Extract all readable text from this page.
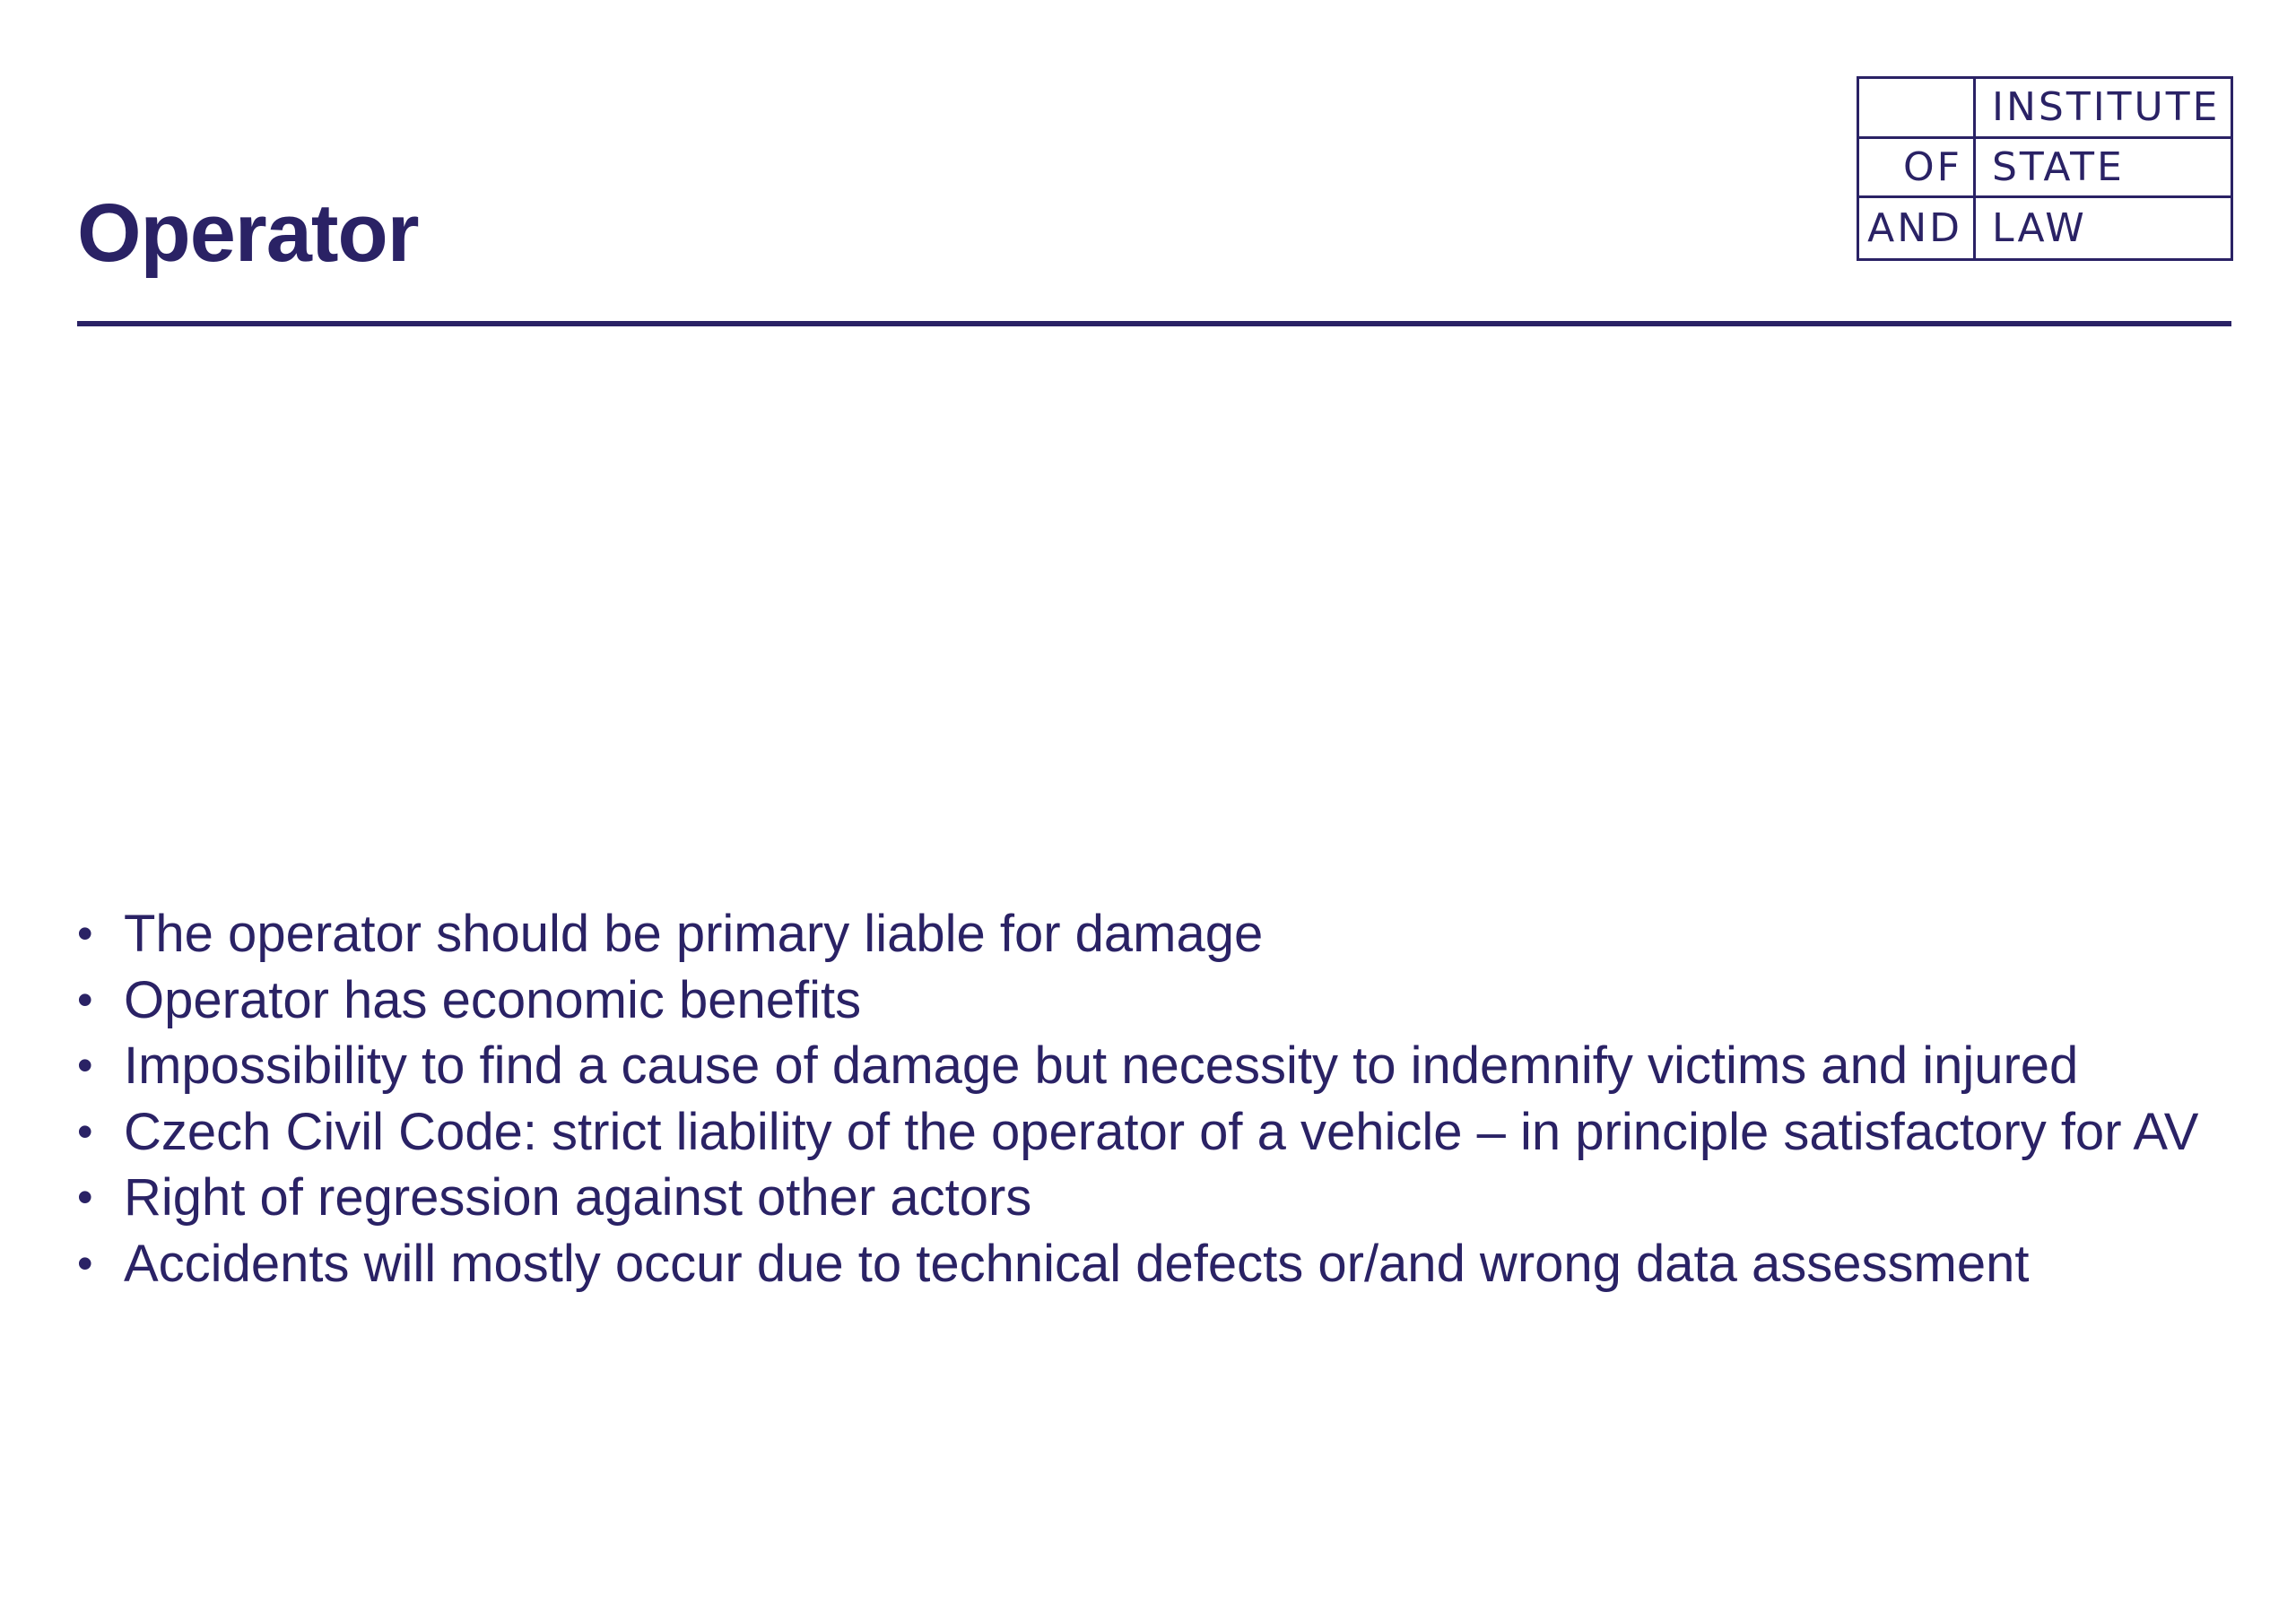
Operator
INSTITUTE
OF STATE
AND LAW
• The operator should be primary liable for damage
• Operator has economic benefits
• Impossibility to find a cause of damage but necessity to indemnify victims and injured
• Czech Civil Code: strict liability of the operator of a vehicle – in principle satisfactory for AV
• Right of regression against other actors
• Accidents will mostly occur due to technical defects or/and wrong data assessment
